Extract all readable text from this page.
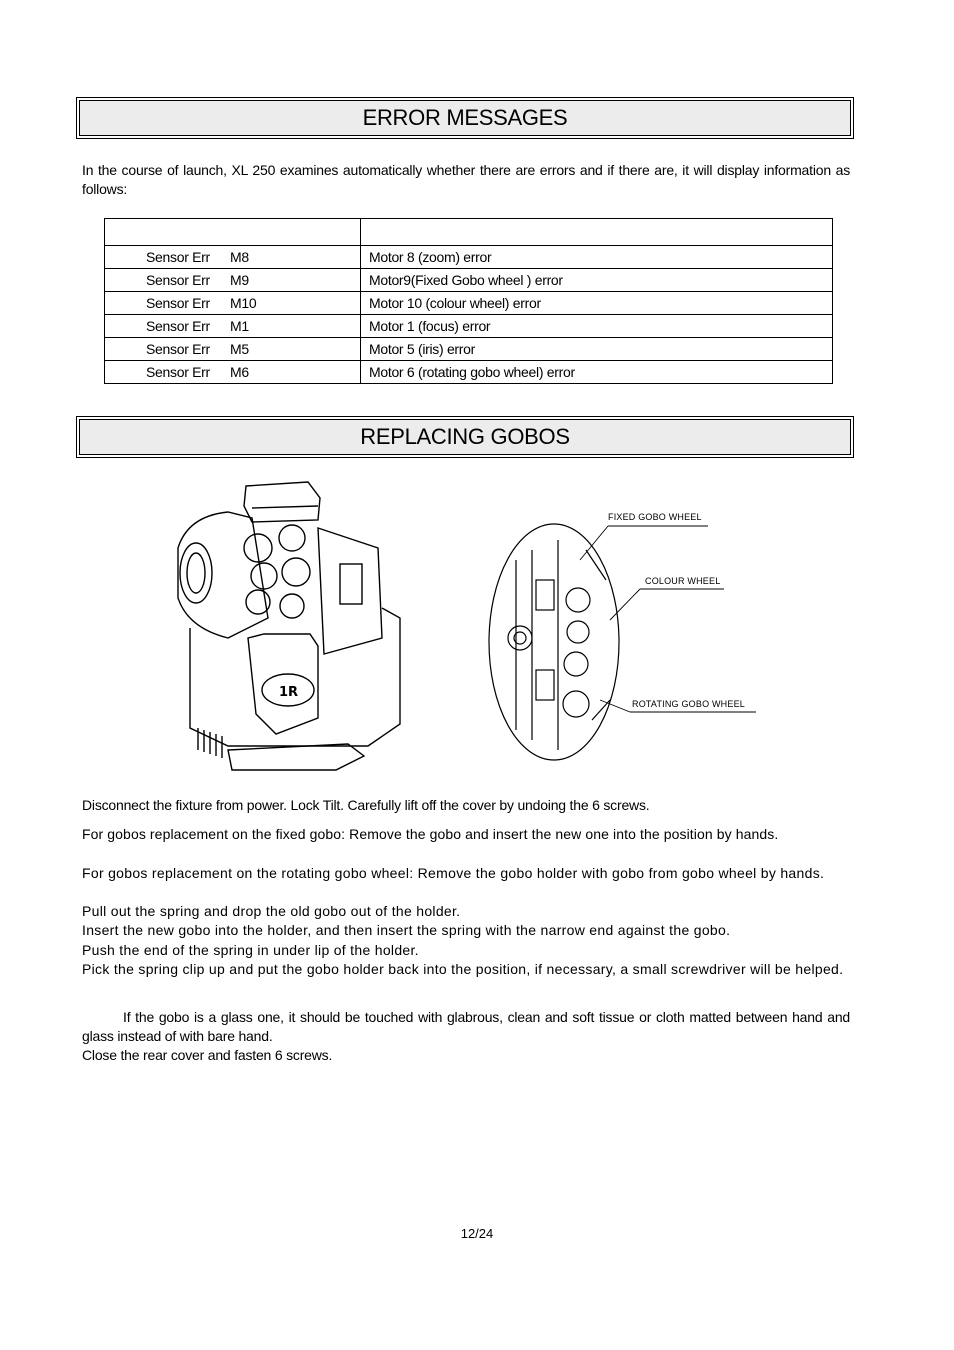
ERROR MESSAGES
In the course of launch, XL 250 examines automatically whether there are errors and if there are, it will display information as follows:

Sensor Err M8	Motor 8 (zoom) error
Sensor Err M9	Motor9(Fixed Gobo wheel ) error
Sensor Err M10	Motor 10 (colour wheel) error
Sensor Err M1	Motor 1 (focus) error
Sensor Err M5	Motor 5 (iris) error
Sensor Err M6	Motor 6 (rotating gobo wheel) error
REPLACING GOBOS
1R
FIXED GOBO WHEEL
COLOUR WHEEL
ROTATING GOBO WHEEL
Disconnect the fixture from power. Lock Tilt. Carefully lift off the cover by undoing the 6 screws.
For gobos replacement on the fixed gobo: Remove the gobo and insert the new one into the position by hands.
For gobos replacement on the rotating gobo wheel: Remove the gobo holder with gobo from gobo wheel by hands.
Pull out the spring and drop the old gobo out of the holder.
Insert the new gobo into the holder, and then insert the spring with the narrow end against the gobo.
Push the end of the spring in under lip of the holder.
Pick the spring clip up and put the gobo holder back into the position, if necessary, a small screwdriver will be helped.
If the gobo is a glass one, it should be touched with glabrous, clean and soft tissue or cloth matted between hand and glass instead of with bare hand.
Close the rear cover and fasten 6 screws.
12/24
